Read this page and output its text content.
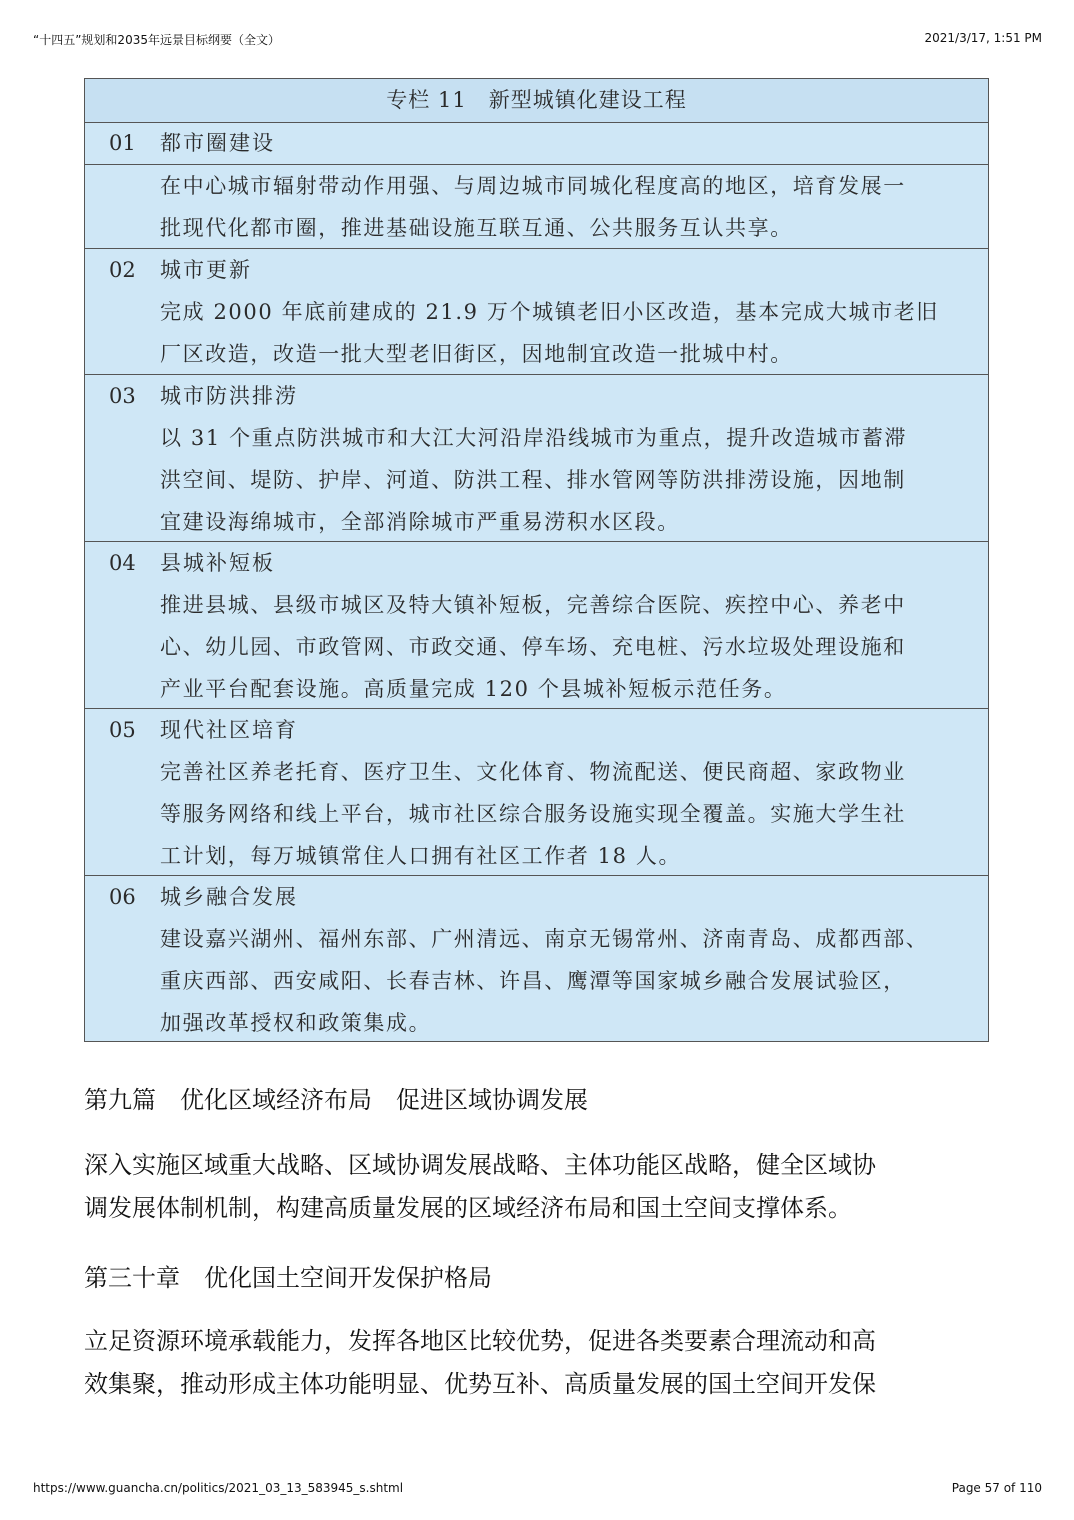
“十四五”规划和2035年远景目标纲要（全文）	2021/3/17, 1:51 PM
专栏 11　新型城镇化建设工程
01 都市圈建设
在中心城市辐射带动作用强、与周边城市同城化程度高的地区，培育发展一
批现代化都市圈，推进基础设施互联互通、公共服务互认共享。
02 城市更新
完成 2000 年底前建成的 21.9 万个城镇老旧小区改造，基本完成大城市老旧
厂区改造，改造一批大型老旧街区，因地制宜改造一批城中村。
03 城市防洪排涝
以 31 个重点防洪城市和大江大河沿岸沿线城市为重点，提升改造城市蓄滞
洪空间、堤防、护岸、河道、防洪工程、排水管网等防洪排涝设施，因地制
宜建设海绵城市，全部消除城市严重易涝积水区段。
04 县城补短板
推进县城、县级市城区及特大镇补短板，完善综合医院、疾控中心、养老中
心、幼儿园、市政管网、市政交通、停车场、充电桩、污水垃圾处理设施和
产业平台配套设施。高质量完成 120 个县城补短板示范任务。
05 现代社区培育
完善社区养老托育、医疗卫生、文化体育、物流配送、便民商超、家政物业
等服务网络和线上平台，城市社区综合服务设施实现全覆盖。实施大学生社
工计划，每万城镇常住人口拥有社区工作者 18 人。
06 城乡融合发展
建设嘉兴湖州、福州东部、广州清远、南京无锡常州、济南青岛、成都西部、
重庆西部、西安咸阳、长春吉林、许昌、鹰潭等国家城乡融合发展试验区，
加强改革授权和政策集成。
第九篇　优化区域经济布局　促进区域协调发展
深入实施区域重大战略、区域协调发展战略、主体功能区战略，健全区域协
调发展体制机制，构建高质量发展的区域经济布局和国土空间支撑体系。
第三十章　优化国土空间开发保护格局
立足资源环境承载能力，发挥各地区比较优势，促进各类要素合理流动和高
效集聚，推动形成主体功能明显、优势互补、高质量发展的国土空间开发保
https://www.guancha.cn/politics/2021_03_13_583945_s.shtml	Page 57 of 110
